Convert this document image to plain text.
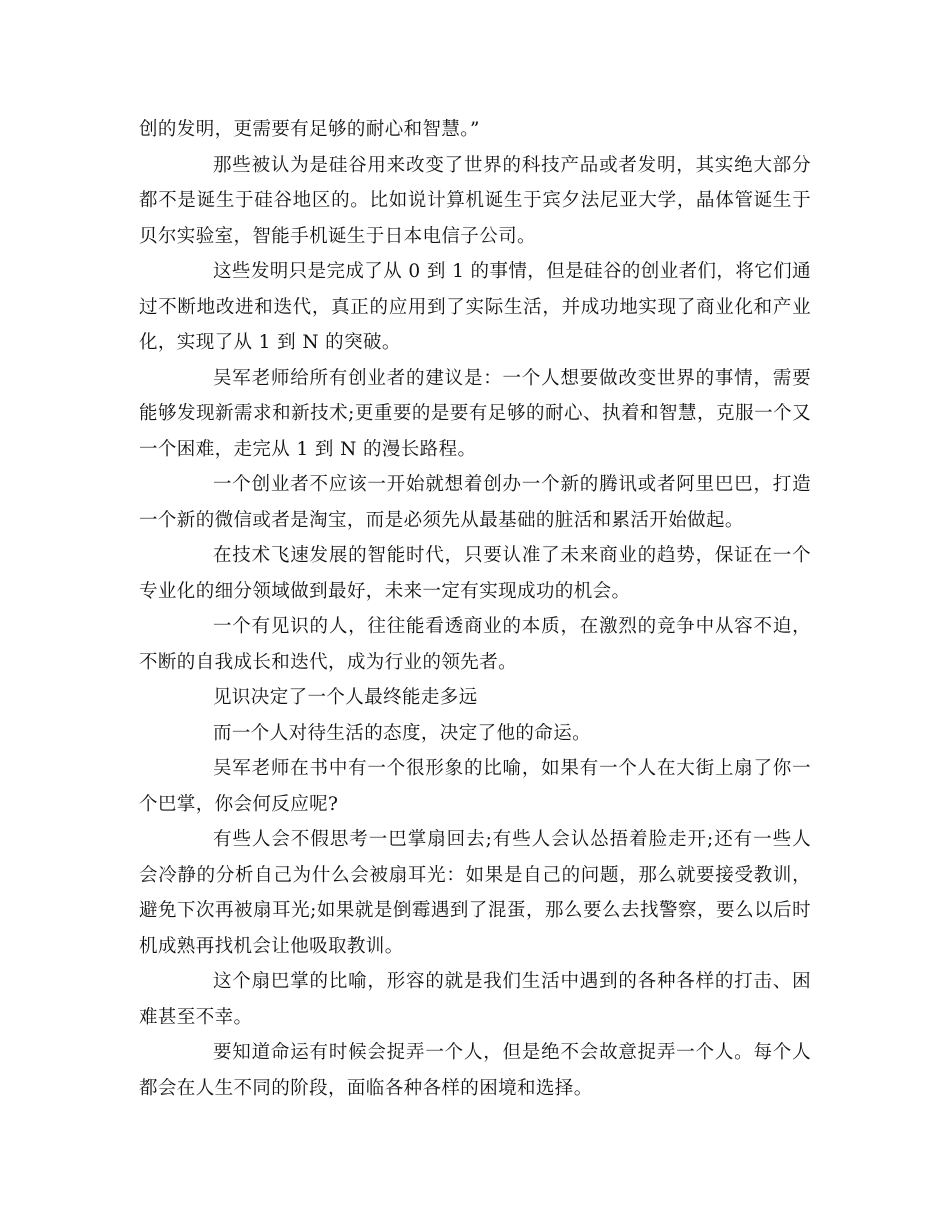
创的发明，更需要有足够的耐心和智慧。”

那些被认为是硅谷用来改变了世界的科技产品或者发明，其实绝大部分都不是诞生于硅谷地区的。比如说计算机诞生于宾夕法尼亚大学，晶体管诞生于贝尔实验室，智能手机诞生于日本电信子公司。

这些发明只是完成了从 0 到 1 的事情，但是硅谷的创业者们，将它们通过不断地改进和迭代，真正的应用到了实际生活，并成功地实现了商业化和产业化，实现了从 1 到 N 的突破。

吴军老师给所有创业者的建议是：一个人想要做改变世界的事情，需要能够发现新需求和新技术;更重要的是要有足够的耐心、执着和智慧，克服一个又一个困难，走完从 1 到 N 的漫长路程。

一个创业者不应该一开始就想着创办一个新的腾讯或者阿里巴巴，打造一个新的微信或者是淘宝，而是必须先从最基础的脏活和累活开始做起。

在技术飞速发展的智能时代，只要认准了未来商业的趋势，保证在一个专业化的细分领域做到最好，未来一定有实现成功的机会。

一个有见识的人，往往能看透商业的本质，在激烈的竞争中从容不迫，不断的自我成长和迭代，成为行业的领先者。

见识决定了一个人最终能走多远

而一个人对待生活的态度，决定了他的命运。

吴军老师在书中有一个很形象的比喻，如果有一个人在大街上扇了你一个巴掌，你会何反应呢?

有些人会不假思考一巴掌扇回去;有些人会认怂捂着脸走开;还有一些人会冷静的分析自己为什么会被扇耳光：如果是自己的问题，那么就要接受教训，避免下次再被扇耳光;如果就是倒霉遇到了混蛋，那么要么去找警察，要么以后时机成熟再找机会让他吸取教训。

这个扇巴掌的比喻，形容的就是我们生活中遇到的各种各样的打击、困难甚至不幸。

要知道命运有时候会捉弄一个人，但是绝不会故意捉弄一个人。每个人都会在人生不同的阶段，面临各种各样的困境和选择。
